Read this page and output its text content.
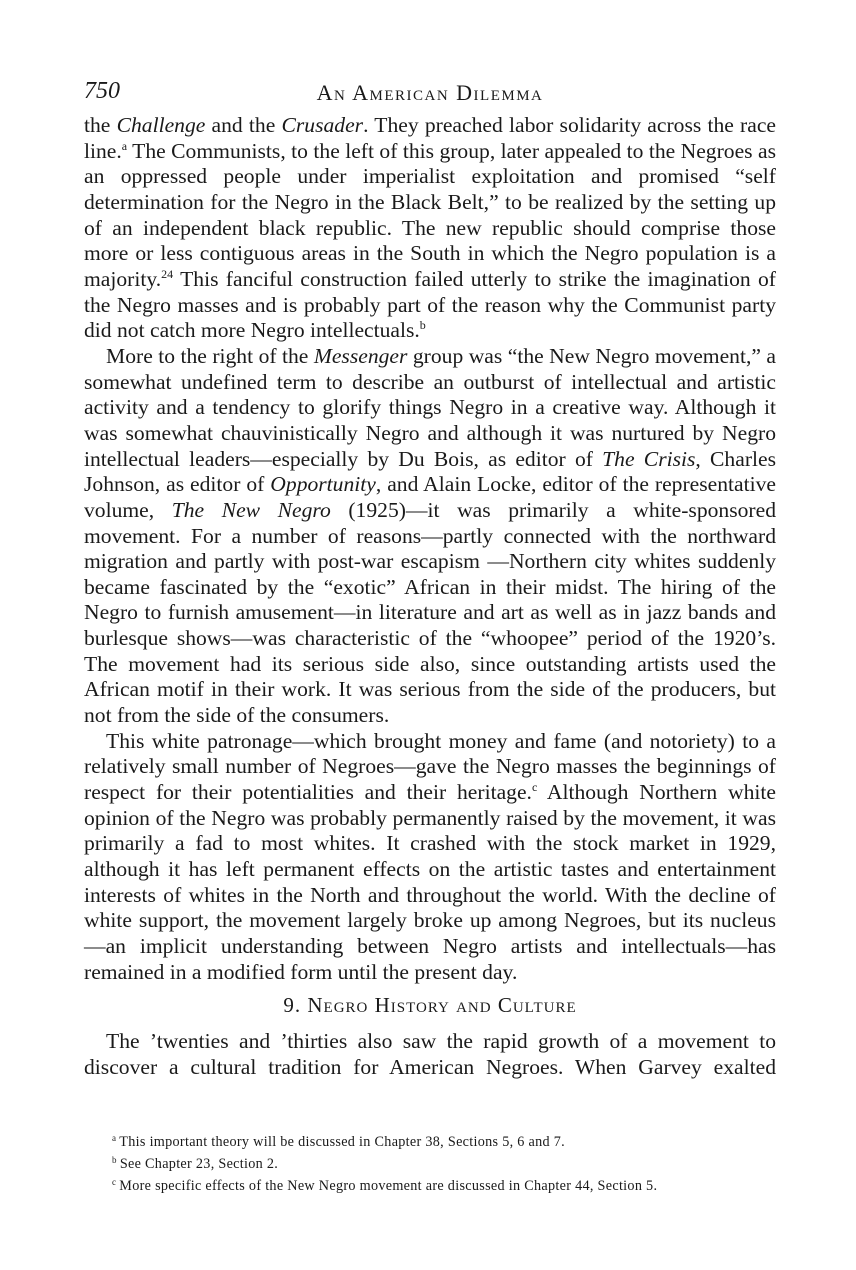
750	An American Dilemma

the Challenge and the Crusader. They preached labor solidarity across the race line.$^a$ The Communists, to the left of this group, later appealed to the Negroes as an oppressed people under imperialist exploitation and promised “self determination for the Negro in the Black Belt,” to be realized by the setting up of an independent black republic. The new republic should comprise those more or less contiguous areas in the South in which the Negro population is a majority.$^{24}$ This fanciful construction failed utterly to strike the imagination of the Negro masses and is probably part of the reason why the Communist party did not catch more Negro intellectuals.$^b$

More to the right of the Messenger group was “the New Negro movement,” a somewhat undefined term to describe an outburst of intellectual and artistic activity and a tendency to glorify things Negro in a creative way. Although it was somewhat chauvinistically Negro and although it was nurtured by Negro intellectual leaders—especially by Du Bois, as editor of The Crisis, Charles Johnson, as editor of Opportunity, and Alain Locke, editor of the representative volume, The New Negro (1925)—it was primarily a white-sponsored movement. For a number of reasons—partly connected with the northward migration and partly with post-war escapism —Northern city whites suddenly became fascinated by the “exotic” African in their midst. The hiring of the Negro to furnish amusement—in literature and art as well as in jazz bands and burlesque shows—was characteristic of the “whoopee” period of the 1920’s. The movement had its serious side also, since outstanding artists used the African motif in their work. It was serious from the side of the producers, but not from the side of the consumers.

This white patronage—which brought money and fame (and notoriety) to a relatively small number of Negroes—gave the Negro masses the beginnings of respect for their potentialities and their heritage.$^c$ Although Northern white opinion of the Negro was probably permanently raised by the movement, it was primarily a fad to most whites. It crashed with the stock market in 1929, although it has left permanent effects on the artistic tastes and entertainment interests of whites in the North and throughout the world. With the decline of white support, the movement largely broke up among Negroes, but its nucleus—an implicit understanding between Negro artists and intellectuals—has remained in a modified form until the present day.

9. Negro History and Culture

The ’twenties and ’thirties also saw the rapid growth of a movement to discover a cultural tradition for American Negroes. When Garvey exalted

$^a$ This important theory will be discussed in Chapter 38, Sections 5, 6 and 7.
$^b$ See Chapter 23, Section 2.
$^c$ More specific effects of the New Negro movement are discussed in Chapter 44, Section 5.
